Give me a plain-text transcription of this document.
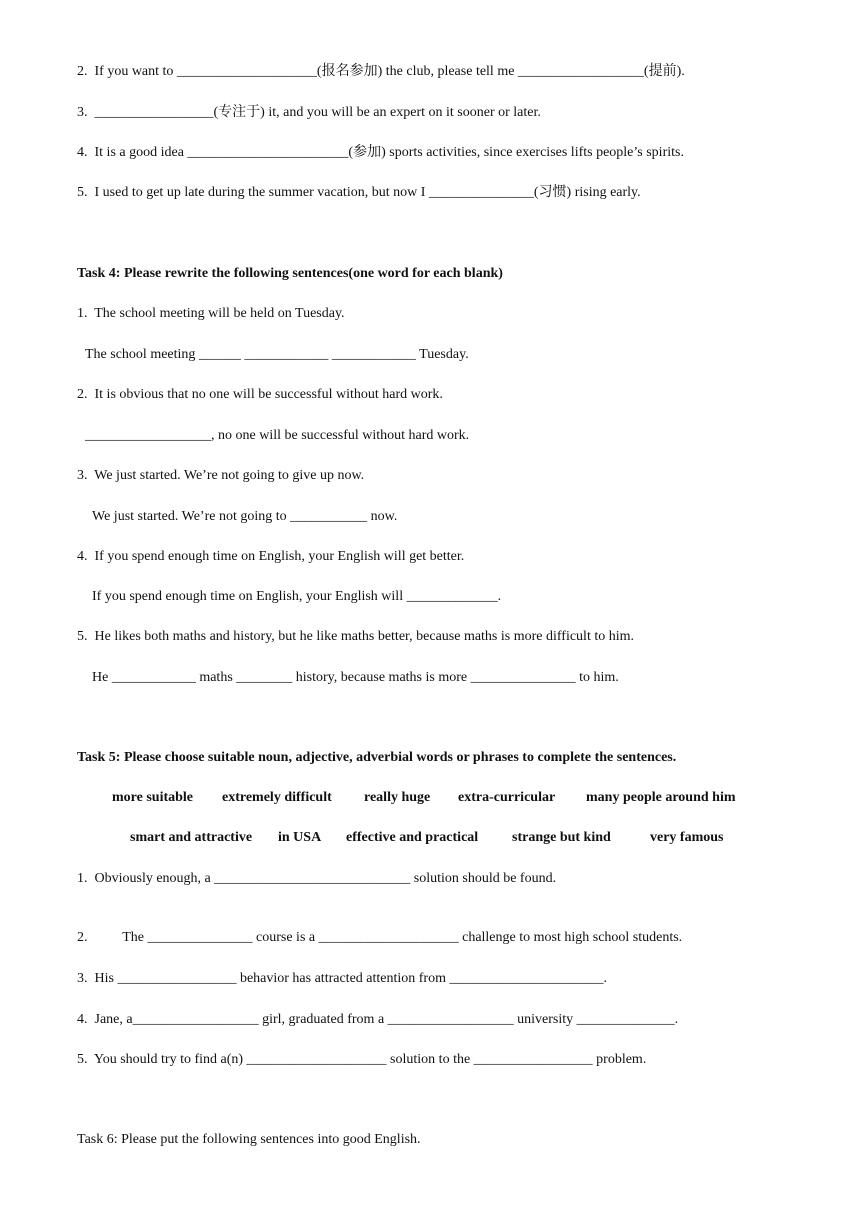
2.  If you want to ____________________(报名参加) the club, please tell me __________________(提前).
3.  _________________(专注于) it, and you will be an expert on it sooner or later.
4.  It is a good idea _______________________(参加) sports activities, since exercises lifts people’s spirits.
5.  I used to get up late during the summer vacation, but now I _______________(习惯) rising early.
Task 4: Please rewrite the following sentences(one word for each blank)
1.  The school meeting will be held on Tuesday.
The school meeting ______ ____________ ____________ Tuesday.
2.  It is obvious that no one will be successful without hard work.
__________________, no one will be successful without hard work.
3.  We just started. We’re not going to give up now.
We just started. We’re not going to ___________ now.
4.  If you spend enough time on English, your English will get better.
If you spend enough time on English, your English will _____________.
5.  He likes both maths and history, but he like maths better, because maths is more difficult to him.
He ____________ maths ________ history, because maths is more _______________ to him.
Task 5: Please choose suitable noun, adjective, adverbial words or phrases to complete the sentences.
more suitable extremely difficult really huge extra-curricular many people around him
smart and attractive in USA effective and practical strange but kind	very famous
1.  Obviously enough, a ____________________________ solution should be found.
2.          The _______________ course is a ____________________ challenge to most high school students.
3.  His _________________ behavior has attracted attention from ______________________.
4.  Jane, a__________________ girl, graduated from a __________________ university ______________.
5.  You should try to find a(n) ____________________ solution to the _________________ problem.
Task 6: Please put the following sentences into good English.
